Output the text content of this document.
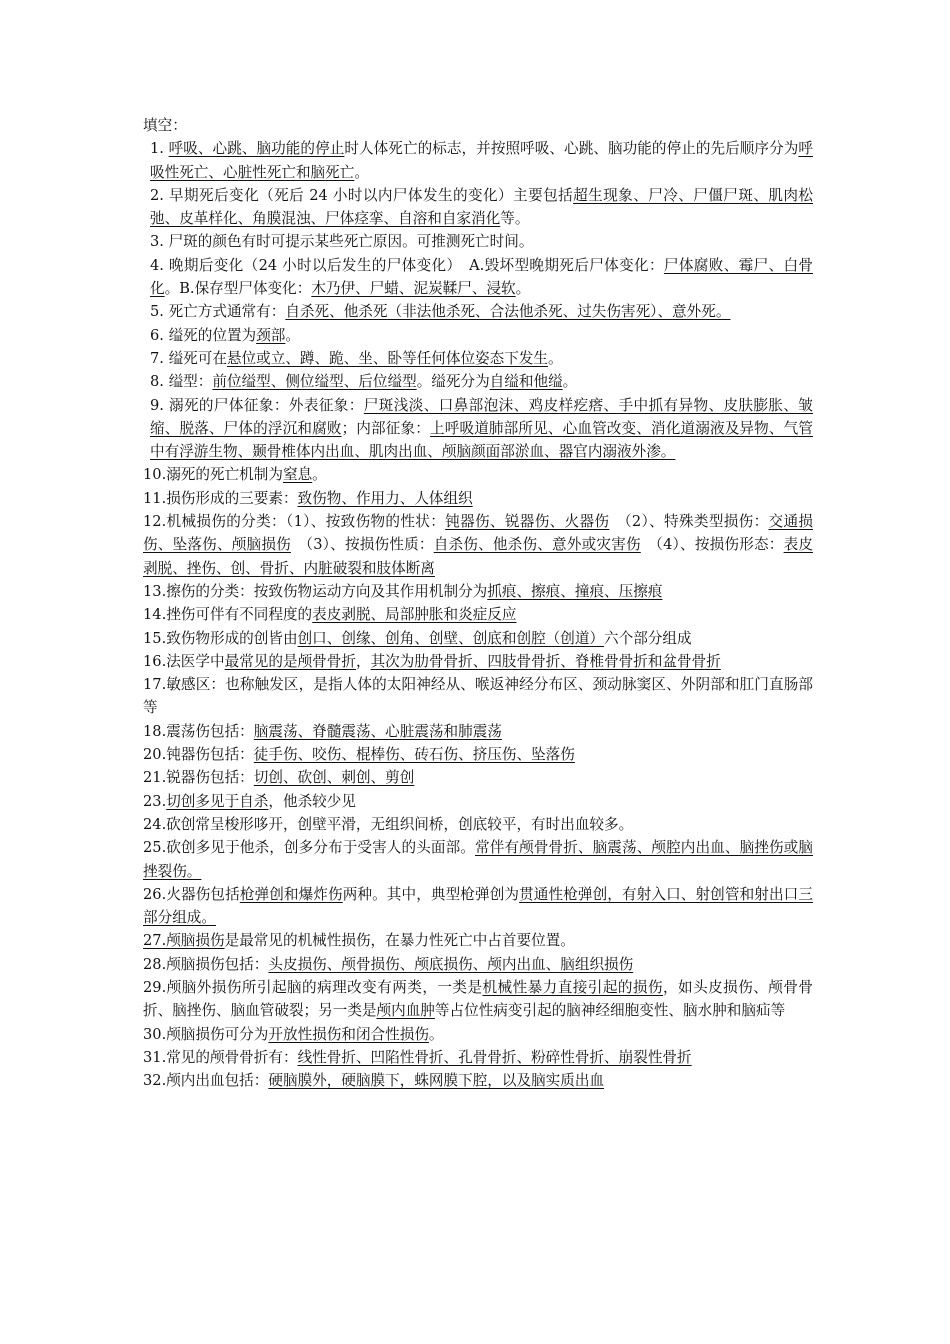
填空：
1. 呼吸、心跳、脑功能的停止时人体死亡的标志，并按照呼吸、心跳、脑功能的停止的先后顺序分为呼吸性死亡、心脏性死亡和脑死亡。
2. 早期死后变化（死后 24 小时以内尸体发生的变化）主要包括超生现象、尸冷、尸僵尸斑、肌肉松弛、皮革样化、角膜混浊、尸体痉挛、自溶和自家消化等。
3. 尸斑的颜色有时可提示某些死亡原因。可推测死亡时间。
4. 晚期后变化（24 小时以后发生的尸体变化）　A.毁坏型晚期死后尸体变化：尸体腐败、霉尸、白骨化。B.保存型尸体变化：木乃伊、尸蜡、泥炭鞣尸、浸软。
5. 死亡方式通常有：自杀死、他杀死（非法他杀死、合法他杀死、过失伤害死）、意外死。
6. 缢死的位置为颈部。
7. 缢死可在悬位或立、蹲、跪、坐、卧等任何体位姿态下发生。
8. 缢型：前位缢型、侧位缢型、后位缢型。缢死分为自缢和他缢。
9. 溺死的尸体征象：外表征象：尸斑浅淡、口鼻部泡沫、鸡皮样疙瘩、手中抓有异物、皮肤膨胀、皱缩、脱落、尸体的浮沉和腐败；内部征象：上呼吸道肺部所见、心血管改变、消化道溺液及异物、气管中有浮游生物、颞骨椎体内出血、肌肉出血、颅脑颜面部淤血、器官内溺液外渗。
10.溺死的死亡机制为窒息。
11.损伤形成的三要素：致伤物、作用力、人体组织
12.机械损伤的分类：（1）、按致伤物的性状：钝器伤、锐器伤、火器伤　（2）、特殊类型损伤：交通损伤、坠落伤、颅脑损伤　（3）、按损伤性质：自杀伤、他杀伤、意外或灾害伤　（4）、按损伤形态：表皮剥脱、挫伤、创、骨折、内脏破裂和肢体断离
13.擦伤的分类：按致伤物运动方向及其作用机制分为抓痕、擦痕、撞痕、压擦痕
14.挫伤可伴有不同程度的表皮剥脱、局部肿胀和炎症反应
15.致伤物形成的创皆由创口、创缘、创角、创壁、创底和创腔（创道）六个部分组成
16.法医学中最常见的是颅骨骨折，其次为肋骨骨折、四肢骨骨折、脊椎骨骨折和盆骨骨折
17.敏感区：也称触发区，是指人体的太阳神经从、喉返神经分布区、颈动脉窦区、外阴部和肛门直肠部等
18.震荡伤包括：脑震荡、脊髓震荡、心脏震荡和肺震荡
20.钝器伤包括：徒手伤、咬伤、棍棒伤、砖石伤、挤压伤、坠落伤
21.锐器伤包括：切创、砍创、刺创、剪创
23.切创多见于自杀，他杀较少见
24.砍创常呈梭形哆开，创壁平滑，无组织间桥，创底较平，有时出血较多。
25.砍创多见于他杀，创多分布于受害人的头面部。常伴有颅骨骨折、脑震荡、颅腔内出血、脑挫伤或脑挫裂伤。
26.火器伤包括枪弹创和爆炸伤两种。其中，典型枪弹创为贯通性枪弹创，有射入口、射创管和射出口三部分组成。
27.颅脑损伤是最常见的机械性损伤，在暴力性死亡中占首要位置。
28.颅脑损伤包括：头皮损伤、颅骨损伤、颅底损伤、颅内出血、脑组织损伤
29.颅脑外损伤所引起脑的病理改变有两类，一类是机械性暴力直接引起的损伤，如头皮损伤、颅骨骨折、脑挫伤、脑血管破裂；另一类是颅内血肿等占位性病变引起的脑神经细胞变性、脑水肿和脑疝等
30.颅脑损伤可分为开放性损伤和闭合性损伤。
31.常见的颅骨骨折有：线性骨折、凹陷性骨折、孔骨骨折、粉碎性骨折、崩裂性骨折
32.颅内出血包括：硬脑膜外，硬脑膜下，蛛网膜下腔，以及脑实质出血
